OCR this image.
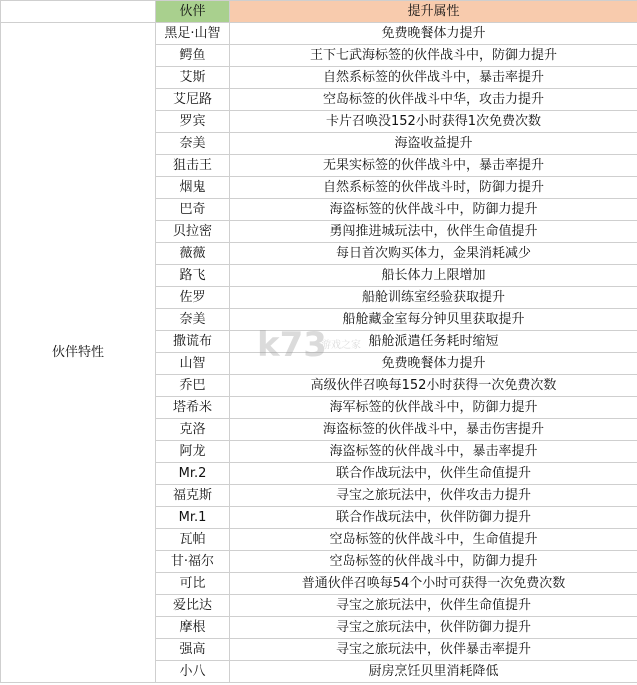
	伙伴	提升属性
伙伴特性	黑足·山智	免费晚餐体力提升
	鳄鱼	王下七武海标签的伙伴战斗中，防御力提升
	艾斯	自然系标签的伙伴战斗中，暴击率提升
	艾尼路	空岛标签的伙伴战斗中华，攻击力提升
	罗宾	卡片召唤没152小时获得1次免费次数
	奈美	海盗收益提升
	狙击王	无果实标签的伙伴战斗中，暴击率提升
	烟鬼	自然系标签的伙伴战斗时，防御力提升
	巴奇	海盗标签的伙伴战斗中，防御力提升
	贝拉密	勇闯推进城玩法中，伙伴生命值提升
	薇薇	每日首次购买体力，金果消耗减少
	路飞	船长体力上限增加
	佐罗	船舱训练室经验获取提升
	奈美	船舱藏金室每分钟贝里获取提升
	撒谎布	船舱派遣任务耗时缩短
	山智	免费晚餐体力提升
	乔巴	高级伙伴召唤每152小时获得一次免费次数
	塔希米	海军标签的伙伴战斗中，防御力提升
	克洛	海盗标签的伙伴战斗中，暴击伤害提升
	阿龙	海盗标签的伙伴战斗中，暴击率提升
	Mr.2	联合作战玩法中，伙伴生命值提升
	福克斯	寻宝之旅玩法中，伙伴攻击力提升
	Mr.1	联合作战玩法中，伙伴防御力提升
	瓦帕	空岛标签的伙伴战斗中，生命值提升
	甘·福尔	空岛标签的伙伴战斗中，防御力提升
	可比	普通伙伴召唤每54个小时可获得一次免费次数
	爱比达	寻宝之旅玩法中，伙伴生命值提升
	摩根	寻宝之旅玩法中，伙伴防御力提升
	强高	寻宝之旅玩法中，伙伴暴击率提升
	小八	厨房烹饪贝里消耗降低
k73
游戏之家
